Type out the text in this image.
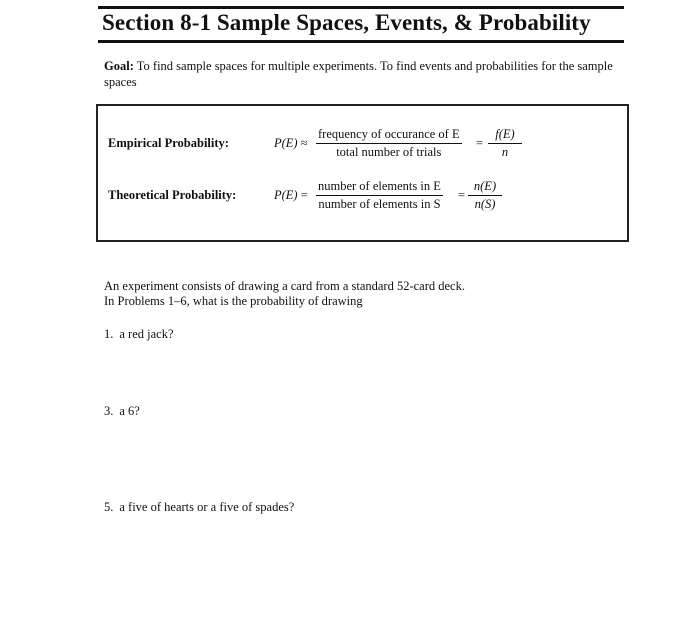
Section 8-1 Sample Spaces, Events, & Probability
Goal: To find sample spaces for multiple experiments. To find events and probabilities for the sample spaces
Empirical Probability:	P(E) ≈
frequency of occurance of E
total number of trials
= $\frac{f(E)}{n}$
Theoretical Probability:	P(E) =
number of elements in E
number of elements in S
= $\frac{n(E)}{n(S)}$
An experiment consists of drawing a card from a standard 52-card deck.
In Problems 1–6, what is the probability of drawing
1. a red jack?
3. a 6?
5. a five of hearts or a five of spades?
